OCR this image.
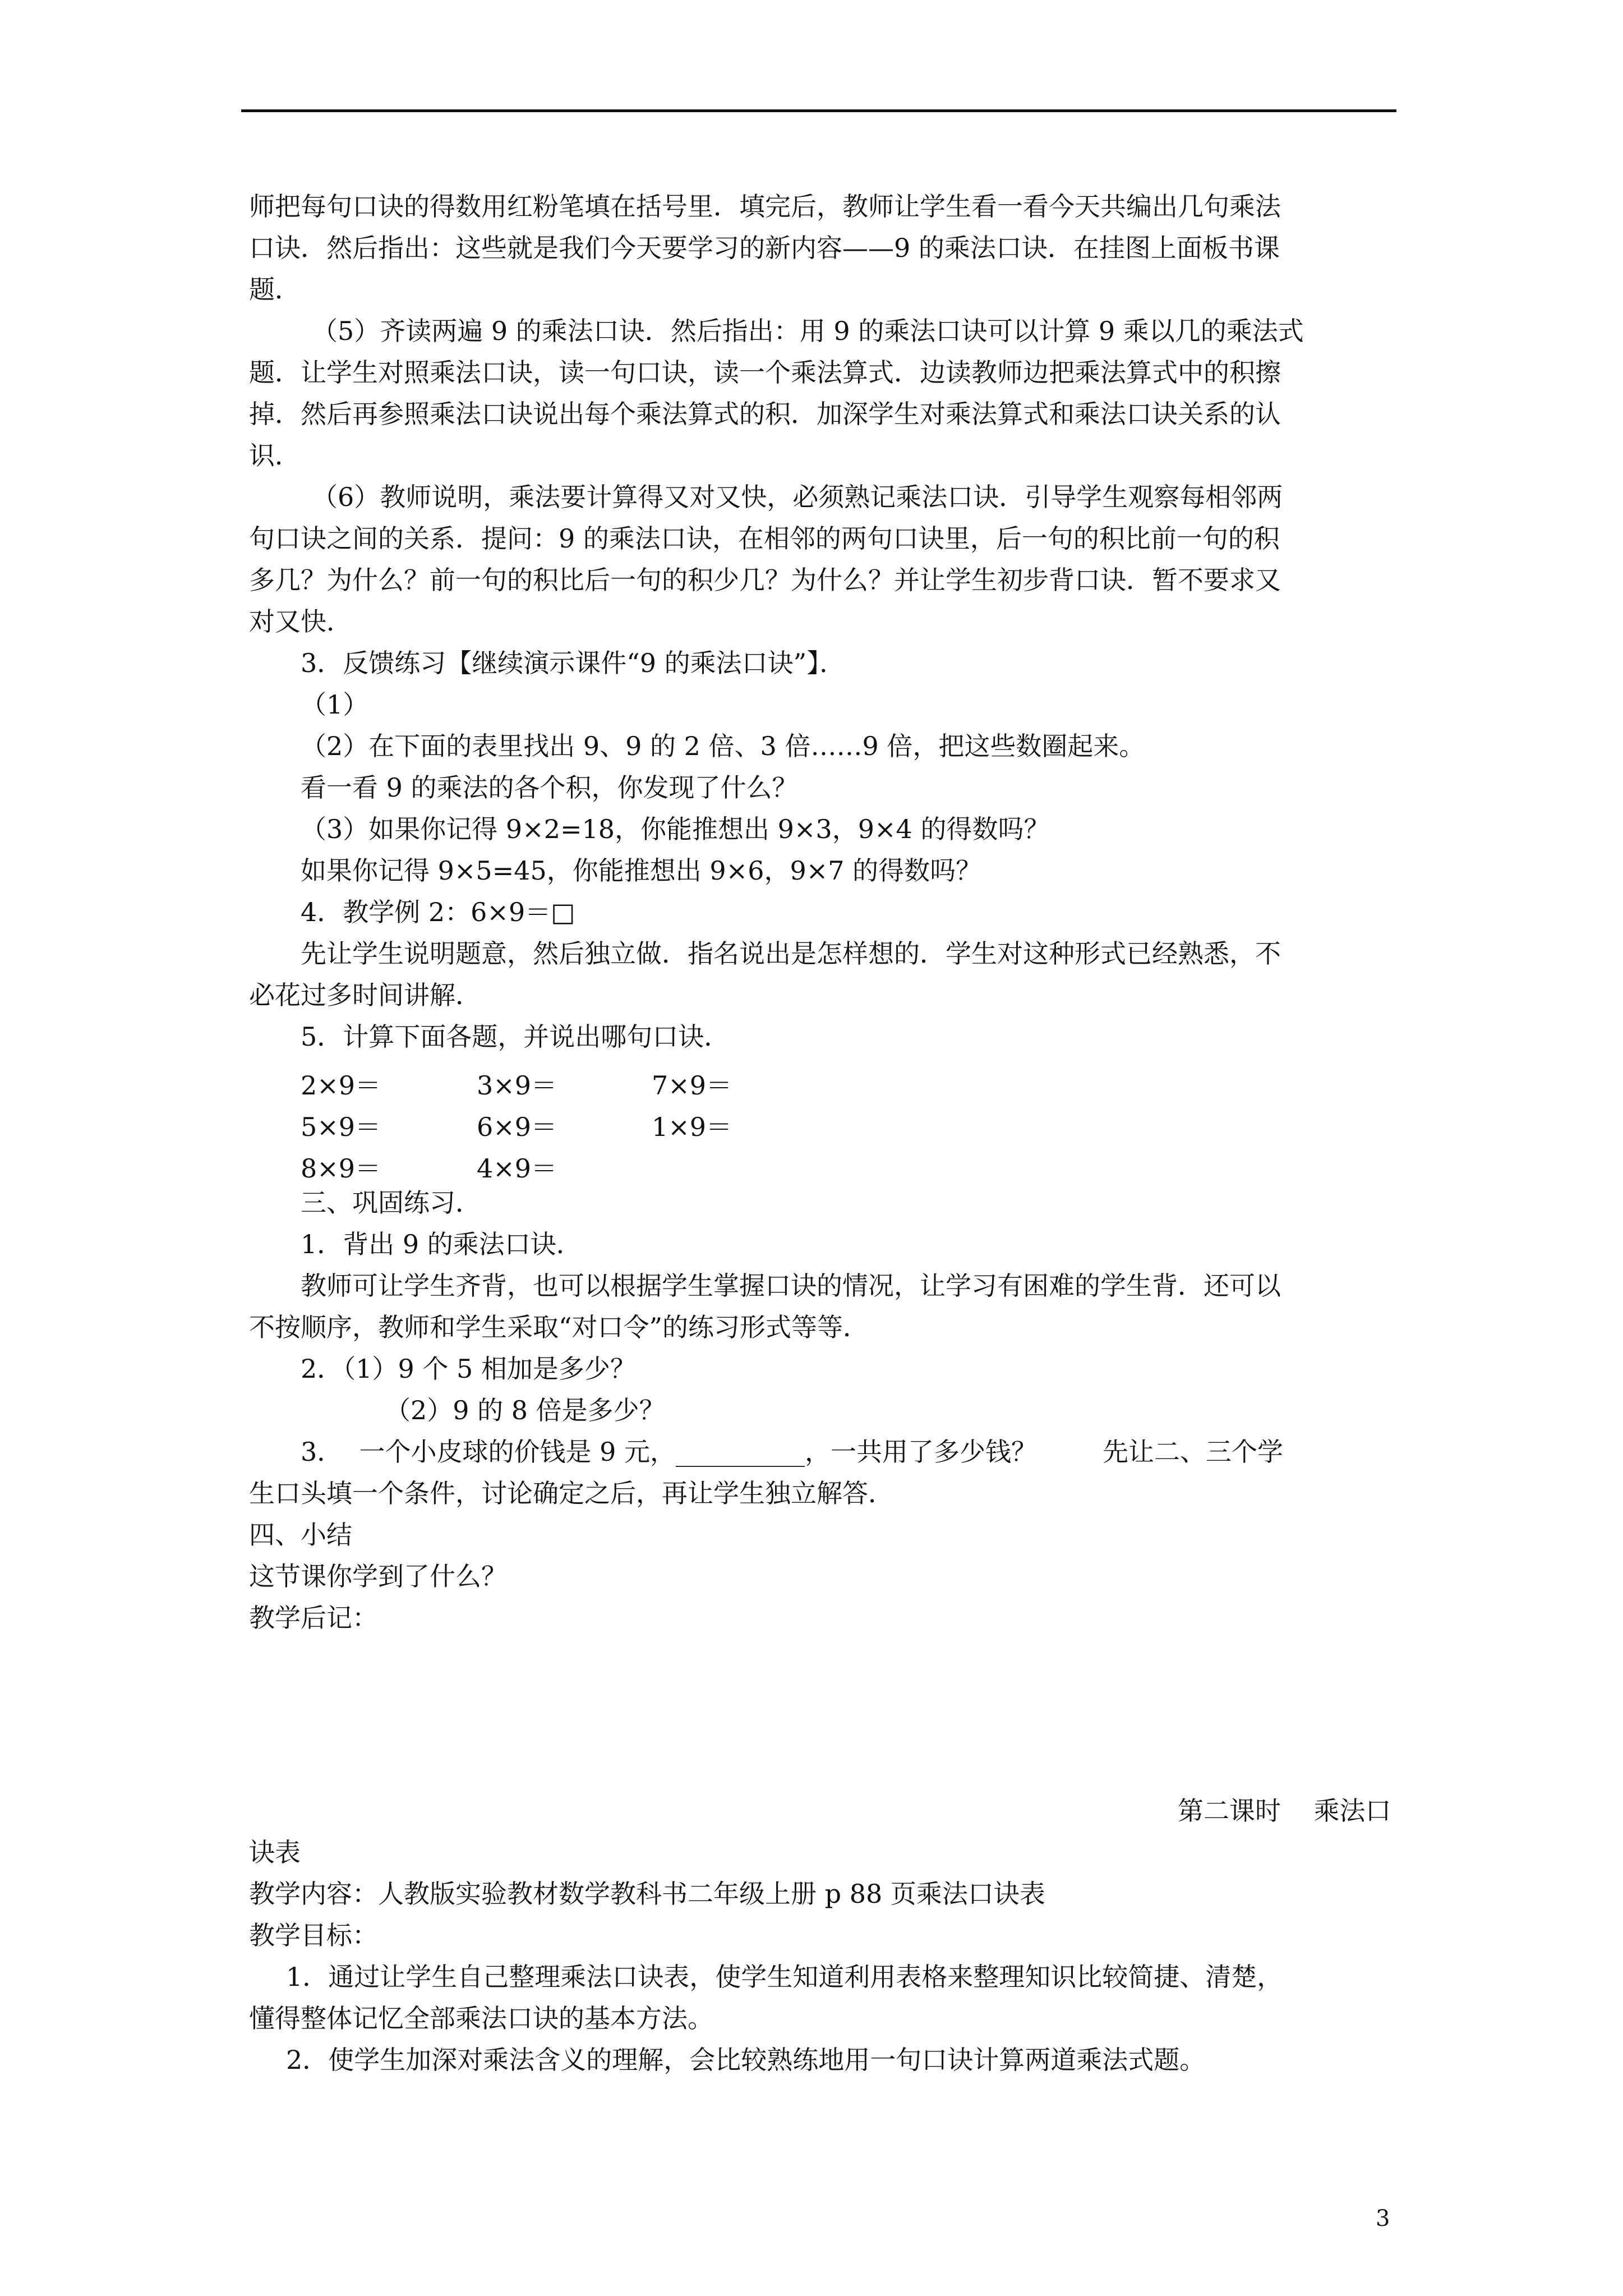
师把每句口诀的得数用红粉笔填在括号里．填完后，教师让学生看一看今天共编出几句乘法
口诀．然后指出：这些就是我们今天要学习的新内容——9 的乘法口诀．在挂图上面板书课
题．
（5）齐读两遍 9 的乘法口诀．然后指出：用 9 的乘法口诀可以计算 9 乘以几的乘法式
题．让学生对照乘法口诀，读一句口诀，读一个乘法算式．边读教师边把乘法算式中的积擦
掉．然后再参照乘法口诀说出每个乘法算式的积．加深学生对乘法算式和乘法口诀关系的认
识．
（6）教师说明，乘法要计算得又对又快，必须熟记乘法口诀．引导学生观察每相邻两
句口诀之间的关系．提问：9 的乘法口诀，在相邻的两句口诀里，后一句的积比前一句的积
多几？为什么？前一句的积比后一句的积少几？为什么？并让学生初步背口诀．暂不要求又
对又快．
3．反馈练习【继续演示课件“9 的乘法口诀”】．
（1）
（2）在下面的表里找出 9、9 的 2 倍、3 倍……9 倍，把这些数圈起来。
看一看 9 的乘法的各个积，你发现了什么？
（3）如果你记得 9×2=18，你能推想出 9×3，9×4 的得数吗？
如果你记得 9×5=45，你能推想出 9×6，9×7 的得数吗？
4．教学例 2：6×9＝□
先让学生说明题意，然后独立做．指名说出是怎样想的．学生对这种形式已经熟悉，不
必花过多时间讲解．
5．计算下面各题，并说出哪句口诀．
2×9＝	3×9＝	7×9＝
5×9＝	6×9＝	1×9＝
8×9＝	4×9＝
三、巩固练习．
1．背出 9 的乘法口诀．
教师可让学生齐背，也可以根据学生掌握口诀的情况，让学习有困难的学生背．还可以
不按顺序，教师和学生采取“对口令”的练习形式等等．
2．（1）9 个 5 相加是多少？
（2）9 的 8 倍是多少？
3．  一个小皮球的价钱是 9 元，__________，一共用了多少钱？        先让二、三个学
生口头填一个条件，讨论确定之后，再让学生独立解答．
四、小结
这节课你学到了什么？
教学后记：
第二课时    乘法口
诀表
教学内容：人教版实验教材数学教科书二年级上册 p 88 页乘法口诀表
教学目标：
1．通过让学生自己整理乘法口诀表，使学生知道利用表格来整理知识比较简捷、清楚，
懂得整体记忆全部乘法口诀的基本方法。
2．使学生加深对乘法含义的理解，会比较熟练地用一句口诀计算两道乘法式题。
3
